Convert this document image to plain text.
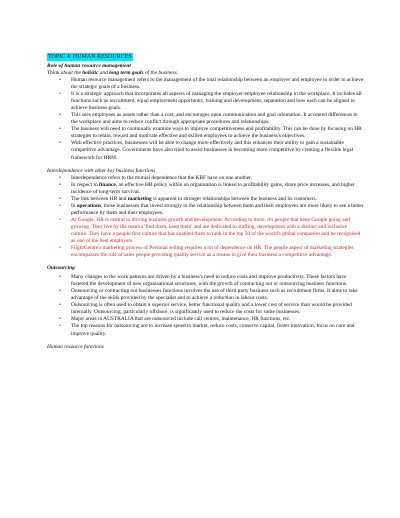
TOPIC 4: HUMAN RESOURCES
Role of human resource management
Think about the holistic and long term goals of the business.
• Human resource management refers to the management of the total relationship between an employer and employee in order to achieve the strategic goals of a business.
• It is a strategic approach that incorporates all aspects of managing the employer-employee relationship in the workplace. It includes all functions such as recruitment, equal employment opportunity, training and development, separation and how each can be aligned to achieve business goals.
• This sees employees as assets rather than a cost, and encourages open communication and goal orientation. It accepted differences in the workplace and aims to reduce conflict through appropriate procedures and relationships.
• The business will need to continually examine ways to improve competitiveness and profitability. This can be done by focusing on HR strategies to retain, reward and motivate effective and skilled employees to achieve the business's objectives.
• With effective practices, businesses will be able to change more effectively and this enhances their ability to gain a sustainable competitive advantage. Governments have also tried to assist businesses in becoming more competitive by creating a flexible legal framework for HRM.
Interdependence with other key business functions
• Interdependence refers to the mutual dependence that the KBF have on one another.
• In respect to finance, an effective HR policy within an organisation is linked to profitability gains, share price increases, and higher incidence of long-term survival.
• The link between HR and marketing is apparent in stronger relationships between the business and its customers.
• In operations, those businesses that invest strongly in the relationship between them and their employees are more likely to see a better performance by them and their employees.
• At Google, HR is central to driving business growth and development. According to them, it's people that keep Google going and growing. They live by the mantra 'find them, keep them' and are dedicated to staffing, development with a distinct and inclusive culture. They have a people first culture that has enabled them to rank in the top 50 of the world's global companies and be recognised as one of the best employers.
• FlightCentre's marketing process of Personal selling requires a lot of dependence on HR. The people aspect of marketing strategies encompasses the role of sales people providing quality service as a means to give their business a competitive advantage.
Outsourcing
• Many changes to the work patterns are driven by a business's need to reduce costs and improve productivity. These factors have fostered the development of new organisational structures, with the growth of contracting out or outsourcing business functions.
• Outsourcing or contracting out businesses functions involves the use of third party business such as recruitment firms. It aims to take advantage of the skills provided by the specialist and to achieve a reduction in labour costs.
• Outsourcing is often used to obtain a superior service, better functional quality and a lower cost of service than would be provided internally. Outsourcing, particularly offshore, is significantly used to reduce the costs for some businesses.
• Major areas in AUSTRALIA that are outsourced include call centres, maintenance, HR functions, etc.
• The top reasons for outsourcing are to increase speed to market, reduce costs, conserve capital, foster innovation, focus on core and improve quality.
Human resource functions
